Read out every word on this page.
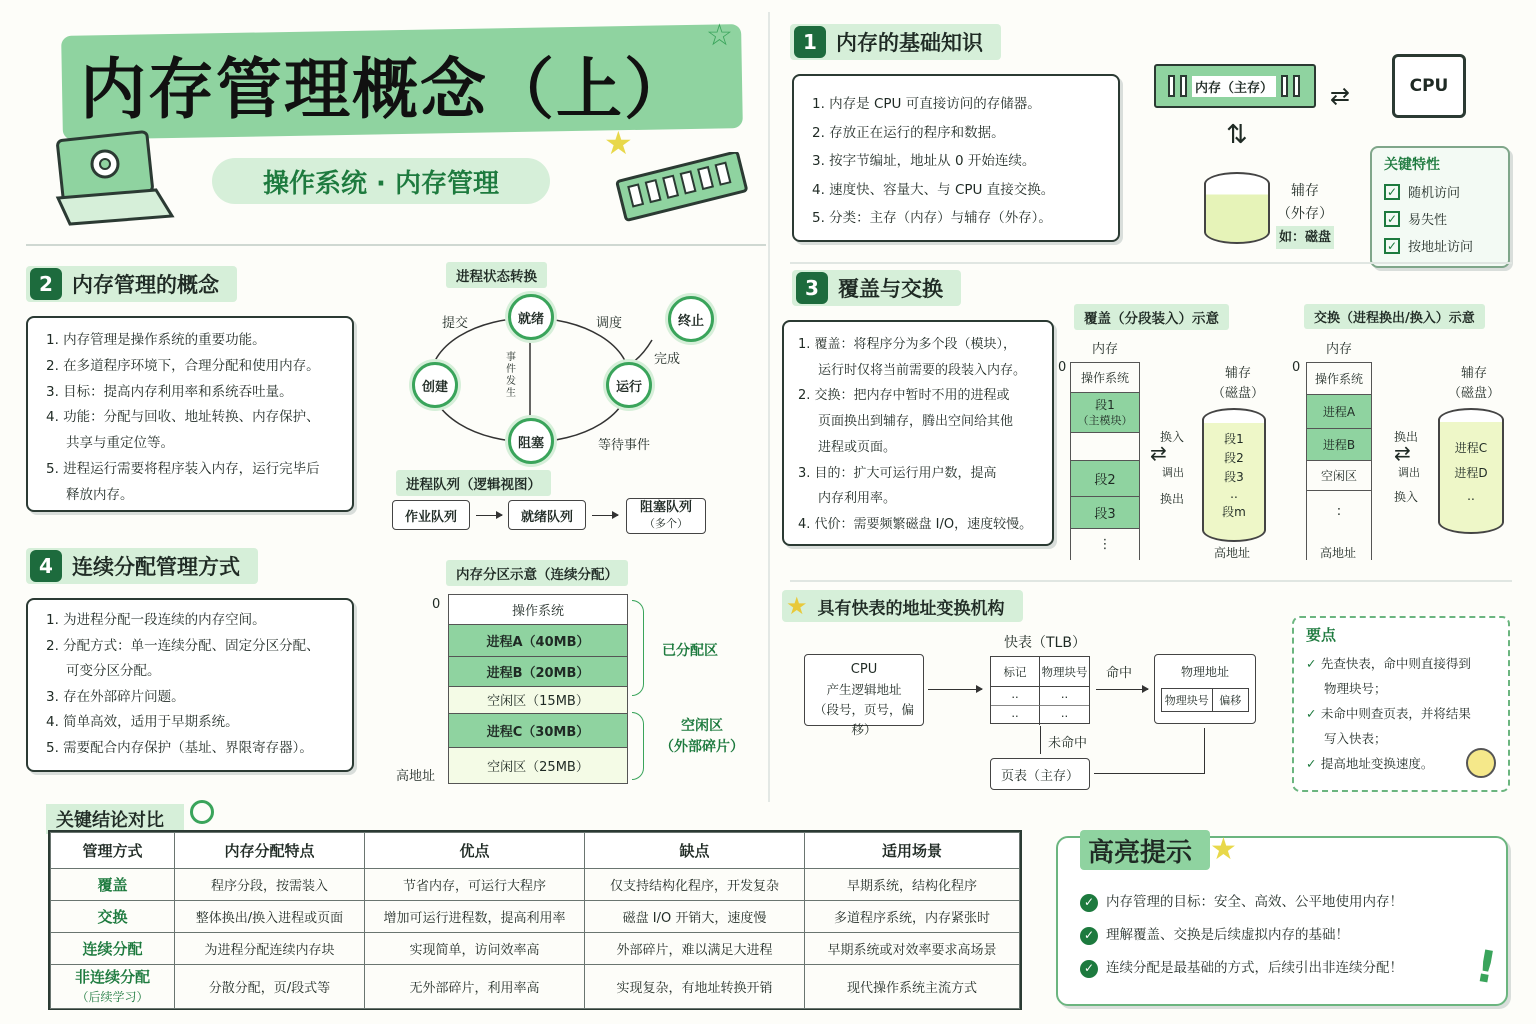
内存管理概念（上）
操作系统 · 内存管理
★
☆	1 内存的基础知识
1. 内存是 CPU 可直接访问的存储器。
2. 存放正在运行的程序和数据。
3. 按字节编址，地址从 0 开始连续。
4. 速度快、容量大、与 CPU 直接交换。
5. 分类：主存（内存）与辅存（外存）。
内存（主存） ⇄	CPU
⇅
辅存
（外存）
如：磁盘
关键特性
✓ 随机访问
✓ 易失性
✓ 按地址访问
2 内存管理的概念
1. 内存管理是操作系统的重要功能。
2. 在多道程序环境下，合理分配和使用内存。
3. 目标：提高内存利用率和系统吞吐量。
4. 功能：分配与回收、地址转换、内存保护、
共享与重定位等。
5. 进程运行需要将程序装入内存，运行完毕后
释放内存。
进程状态转换
就绪
创建	运行
阻塞
终止
提交	调度
完成
等待事件
事件发生
进程队列（逻辑视图）
作业队列	就绪队列
阻塞队列
（多个）
4 连续分配管理方式
1. 为进程分配一段连续的内存空间。
2. 分配方式：单一连续分配、固定分区分配、
可变分区分配。
3. 存在外部碎片问题。
4. 简单高效，适用于早期系统。
5. 需要配合内存保护（基址、界限寄存器）。
内存分区示意（连续分配）
0
高地址
操作系统
进程A（40MB）
进程B（20MB）
空闲区（15MB）
进程C（30MB）
空闲区（25MB）
已分配区
空闲区
（外部碎片）
3 覆盖与交换
1. 覆盖：将程序分为多个段（模块），
运行时仅将当前需要的段装入内存。
2. 交换：把内存中暂时不用的进程或
页面换出到辅存，腾出空间给其他
进程或页面。
3. 目的：扩大可运行用户数，提高
内存利用率。
4. 代价：需要频繁磁盘 I/O，速度较慢。
覆盖（分段装入）示意
内存
0
操作系统
段1
（主模块）
段2
段3
⋮
换入
⇄
调出
换出
辅存
（磁盘）
段1
段2
段3
..
段m
高地址
交换（进程换出/换入）示意
内存
0
操作系统
进程A
进程B
空闲区
:
换出
⇄
调出
换入
辅存
（磁盘）
进程C
进程D
..
高地址
★ 具有快表的地址变换机构
CPU
产生逻辑地址
（段号，页号，偏移）
快表（TLB）
标记	物理块号
..	..
..	..
命中	物理地址
物理块号 偏移
未命中
页表（主存）
要点
✓ 先查快表，命中则直接得到
物理块号；
✓ 未命中则查页表，并将结果
写入快表；
✓ 提高地址变换速度。
关键结论对比
管理方式	内存分配特点	优点	缺点	适用场景
覆盖	程序分段，按需装入	节省内存，可运行大程序	仅支持结构化程序，开发复杂	早期系统，结构化程序
交换	整体换出/换入进程或页面	增加可运行进程数，提高利用率	磁盘 I/O 开销大，速度慢	多道程序系统，内存紧张时
连续分配	为进程分配连续内存块	实现简单，访问效率高	外部碎片，难以满足大进程	早期系统或对效率要求高场景

非连续分配
（后续学习）	分散分配，页/段式等	无外部碎片，利用率高	实现复杂，有地址转换开销	现代操作系统主流方式
高亮提示 ★
✓ 内存管理的目标：安全、高效、公平地使用内存！
✓ 理解覆盖、交换是后续虚拟内存的基础！
✓ 连续分配是最基础的方式，后续引出非连续分配！ !
